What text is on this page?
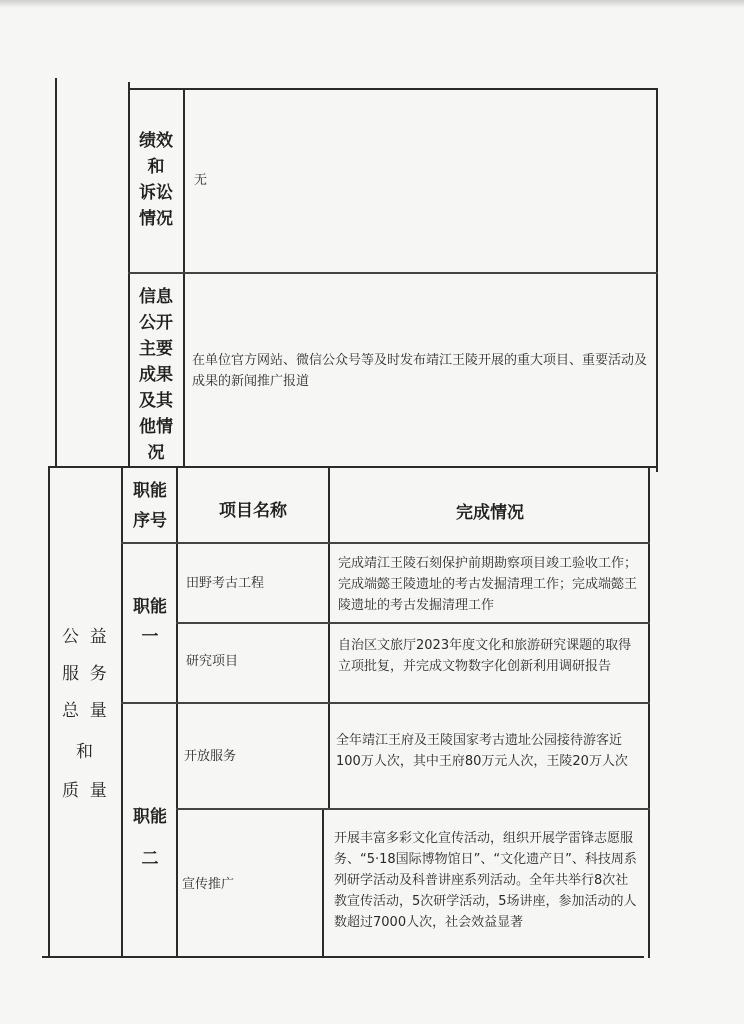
绩效
和
诉讼
情况
无
信息
公开
主要
成果
及其
他情
况
在单位官方网站、微信公众号等及时发布靖江王陵开展的重大项目、重要活动及成果的新闻推广报道
公  益
服  务
总  量
和
质  量
职能
序号	项目名称	完成情况
职能
一
田野考古工程
完成靖江王陵石刻保护前期勘察项目竣工验收工作；完成端懿王陵遗址的考古发掘清理工作；完成端懿王陵遗址的考古发掘清理工作
研究项目
自治区文旅厅2023年度文化和旅游研究课题的取得立项批复，并完成文物数字化创新利用调研报告
职能
二
开放服务
全年靖江王府及王陵国家考古遗址公园接待游客近100万人次，其中王府80万元人次，王陵20万人次
宣传推广
开展丰富多彩文化宣传活动，组织开展学雷锋志愿服务、“5·18国际博物馆日”、“文化遗产日”、科技周系列研学活动及科普讲座系列活动。全年共举行8次社教宣传活动，5次研学活动，5场讲座，参加活动的人数超过7000人次，社会效益显著
